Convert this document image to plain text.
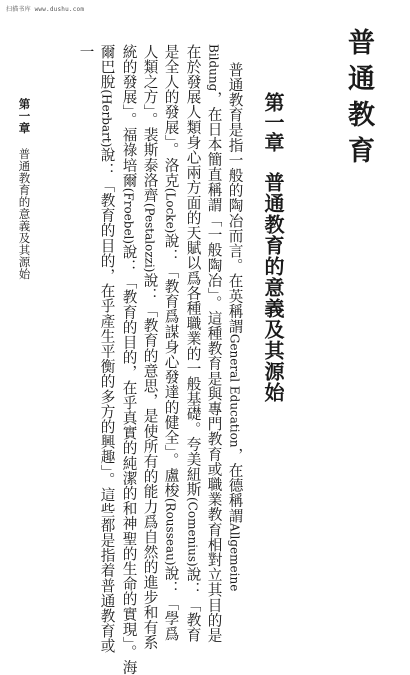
扫描书库 www.dushu.com
普通教育
第一章
普通教育的意義及其源始
普通教育是指一般的陶冶而言。在英稱謂General Education，在德稱謂Allgemeine
Bildung，在日本簡直稱謂「一般陶冶」。這種教育是與專門教育或職業教育相對立其目的是
在於發展人類身心兩方面的天賦以爲各種職業的一般基礎。夸美紐斯(Comenius)說：「教育
是全人的發展」。洛克(Locke)說：「教育爲謀身心發達的健全」。盧梭(Rousseau)說：「學爲
人類之方」。裴斯泰洛齊(Pestalozzi)說：「教育的意思，是使所有的能力爲自然的進步和有系
統的發展」。福祿培爾(Froebel)說：「教育的目的，在乎真實的純潔的和神聖的生命的實現」。海
爾巴脫(Herbart)說：「教育的目的，在乎產生平衡的多方的興趣」。這些都是指着普通教育或
一
第一章普通教育的意義及其源始
